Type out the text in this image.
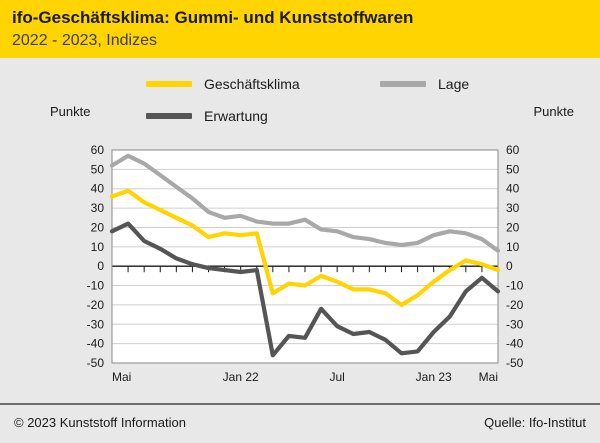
ifo-Geschäftsklima: Gummi- und Kunststoffwaren
2022 - 2023, Indizes
Geschäftsklima	Lage
Erwartung
Punkte	Punkte
-50	-50
-40	-40
-30	-30
-20	-20
-10	-10
0	0
10	10
20	20
30	30
40	40
50	50
60	60
Mai	Jan 22	Jul	Jan 23 Mai
© 2023 Kunststoff Information	Quelle: Ifo-Institut
